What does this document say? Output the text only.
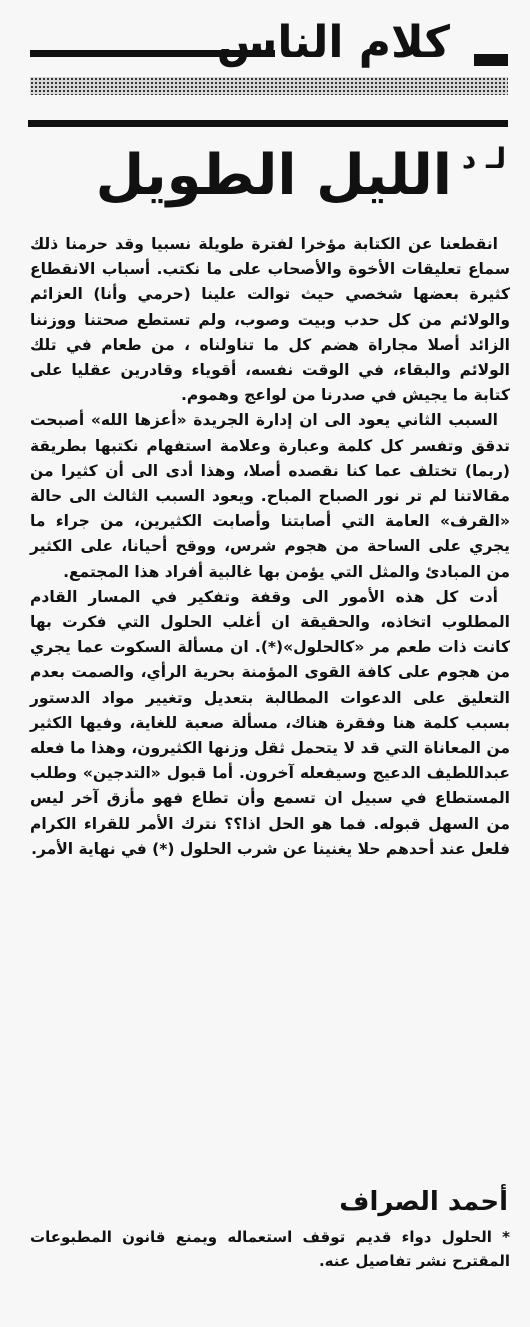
كلام الناس
الليل الطويل لـ د

انقطعنا عن الكتابة مؤخرا لفترة طويلة نسبيا وقد حرمنا ذلك سماع تعليقات الأخوة والأصحاب على ما نكتب. أسباب الانقطاع كثيرة بعضها شخصي حيث توالت علينا (حرمي وأنا) العزائم والولائم من كل حدب وبيت وصوب، ولم تستطع صحتنا ووزننا الزائد أصلا مجاراة هضم كل ما تناولناه ، من طعام في تلك الولائم والبقاء، في الوقت نفسه، أقوياء وقادرين عقليا على كتابة ما يجيش في صدرنا من لواعج وهموم.

السبب الثاني يعود الى ان إدارة الجريدة «أعزها الله» أصبحت تدقق وتفسر كل كلمة وعبارة وعلامة استفهام نكتبها بطريقة (ربما) تختلف عما كنا نقصده أصلا، وهذا أدى الى أن كثيرا من مقالاتنا لم تر نور الصباح المباح. ويعود السبب الثالث الى حالة «القرف» العامة التي أصابتنا وأصابت الكثيرين، من جراء ما يجري على الساحة من هجوم شرس، ووقح أحيانا، على الكثير من المبادئ والمثل التي يؤمن بها غالبية أفراد هذا المجتمع.

أدت كل هذه الأمور الى وقفة وتفكير في المسار القادم المطلوب اتخاذه، والحقيقة ان أغلب الحلول التي فكرت بها كانت ذات طعم مر «كالحلول»(*). ان مسألة السكوت عما يجري من هجوم على كافة القوى المؤمنة بحرية الرأي، والصمت بعدم التعليق على الدعوات المطالبة بتعديل وتغيير مواد الدستور بسبب كلمة هنا وفقرة هناك، مسألة صعبة للغاية، وفيها الكثير من المعاناة التي قد لا يتحمل ثقل وزنها الكثيرون، وهذا ما فعله عبداللطيف الدعيج وسيفعله آخرون. أما قبول «التدجين» وطلب المستطاع في سبيل ان تسمع وأن تطاع فهو مأزق آخر ليس من السهل قبوله. فما هو الحل اذا؟؟ نترك الأمر للقراء الكرام فلعل عند أحدهم حلا يغنينا عن شرب الحلول (*) في نهاية الأمر.

أحمد الصراف
* الحلول دواء قديم توقف استعماله ويمنع قانون المطبوعات المقترح نشر تفاصيل عنه.
